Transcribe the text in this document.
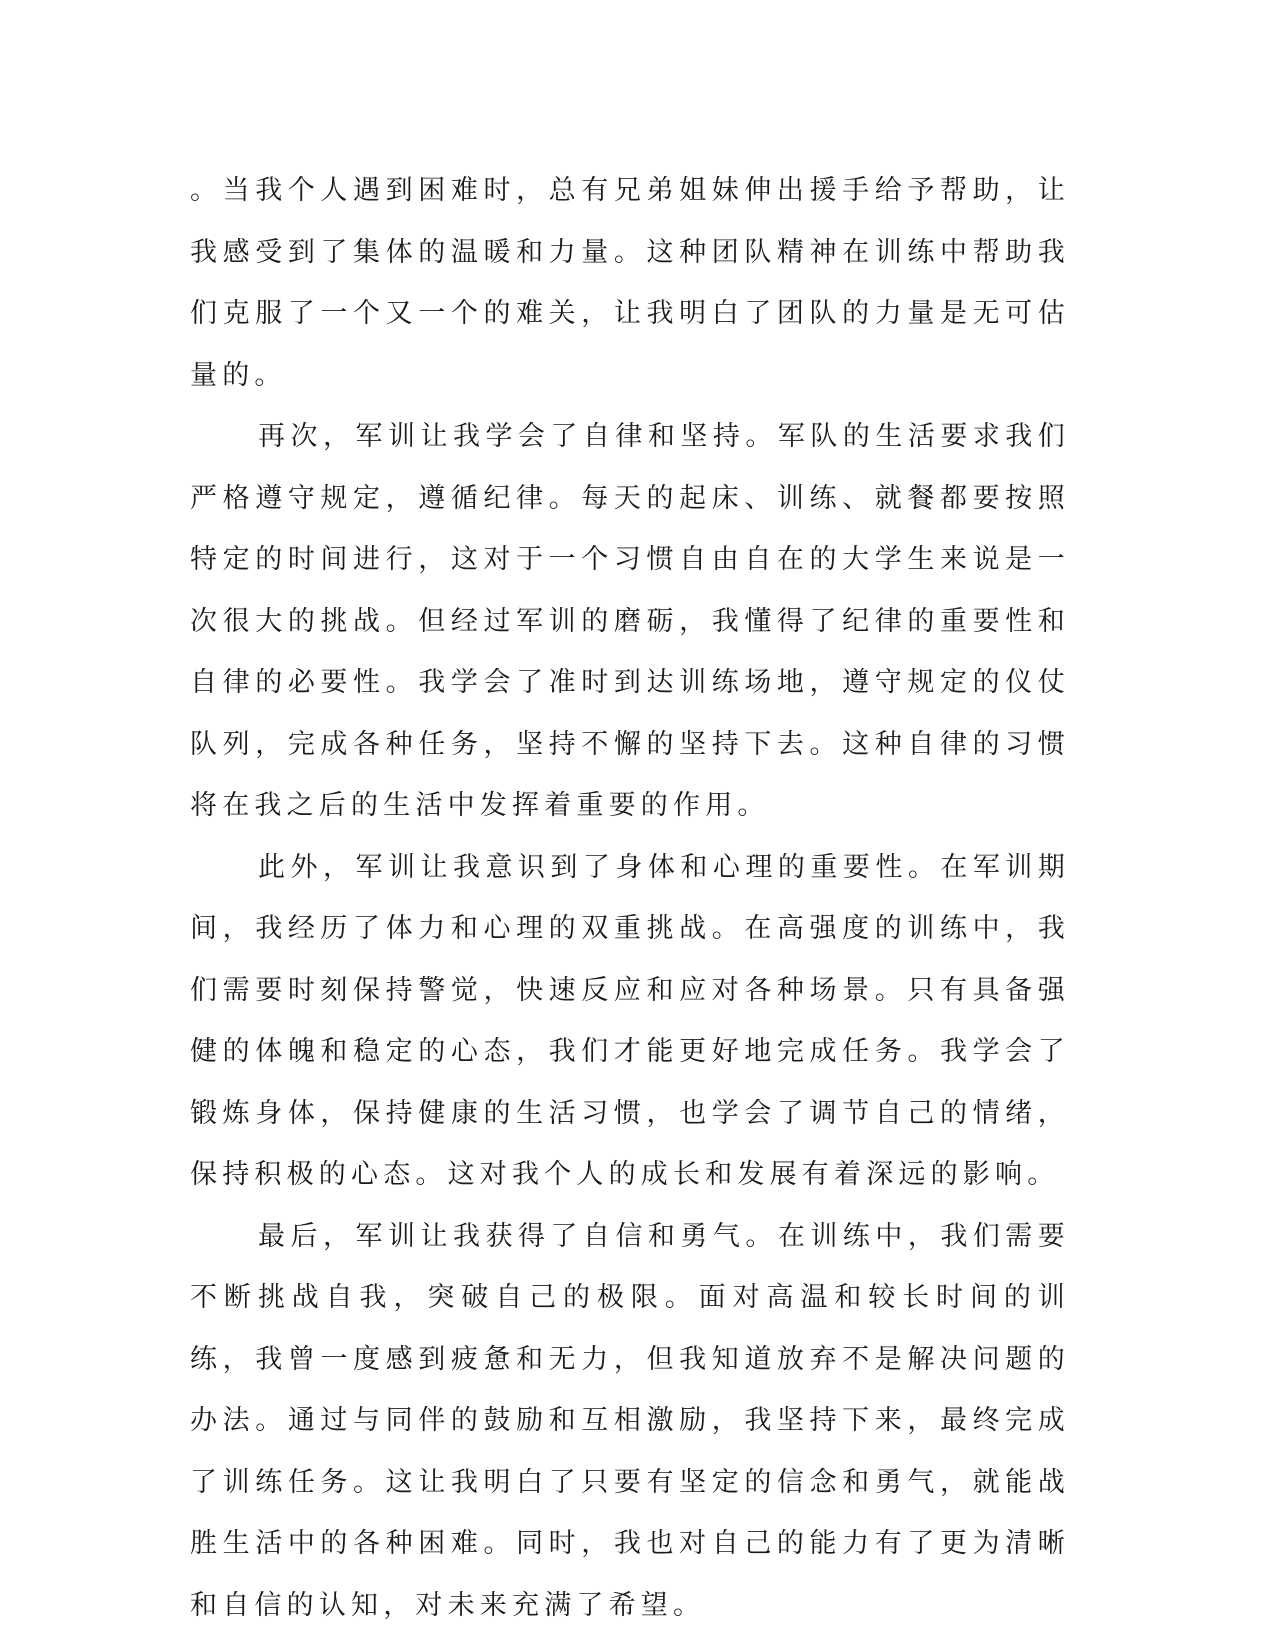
。当我个人遇到困难时，总有兄弟姐妹伸出援手给予帮助，让我感受到了集体的温暖和力量。这种团队精神在训练中帮助我们克服了一个又一个的难关，让我明白了团队的力量是无可估量的。

再次，军训让我学会了自律和坚持。军队的生活要求我们严格遵守规定，遵循纪律。每天的起床、训练、就餐都要按照特定的时间进行，这对于一个习惯自由自在的大学生来说是一次很大的挑战。但经过军训的磨砺，我懂得了纪律的重要性和自律的必要性。我学会了准时到达训练场地，遵守规定的仪仗队列，完成各种任务，坚持不懈的坚持下去。这种自律的习惯将在我之后的生活中发挥着重要的作用。

此外，军训让我意识到了身体和心理的重要性。在军训期间，我经历了体力和心理的双重挑战。在高强度的训练中，我们需要时刻保持警觉，快速反应和应对各种场景。只有具备强健的体魄和稳定的心态，我们才能更好地完成任务。我学会了锻炼身体，保持健康的生活习惯，也学会了调节自己的情绪，保持积极的心态。这对我个人的成长和发展有着深远的影响。

最后，军训让我获得了自信和勇气。在训练中，我们需要不断挑战自我，突破自己的极限。面对高温和较长时间的训练，我曾一度感到疲惫和无力，但我知道放弃不是解决问题的办法。通过与同伴的鼓励和互相激励，我坚持下来，最终完成了训练任务。这让我明白了只要有坚定的信念和勇气，就能战胜生活中的各种困难。同时，我也对自己的能力有了更为清晰和自信的认知，对未来充满了希望。
